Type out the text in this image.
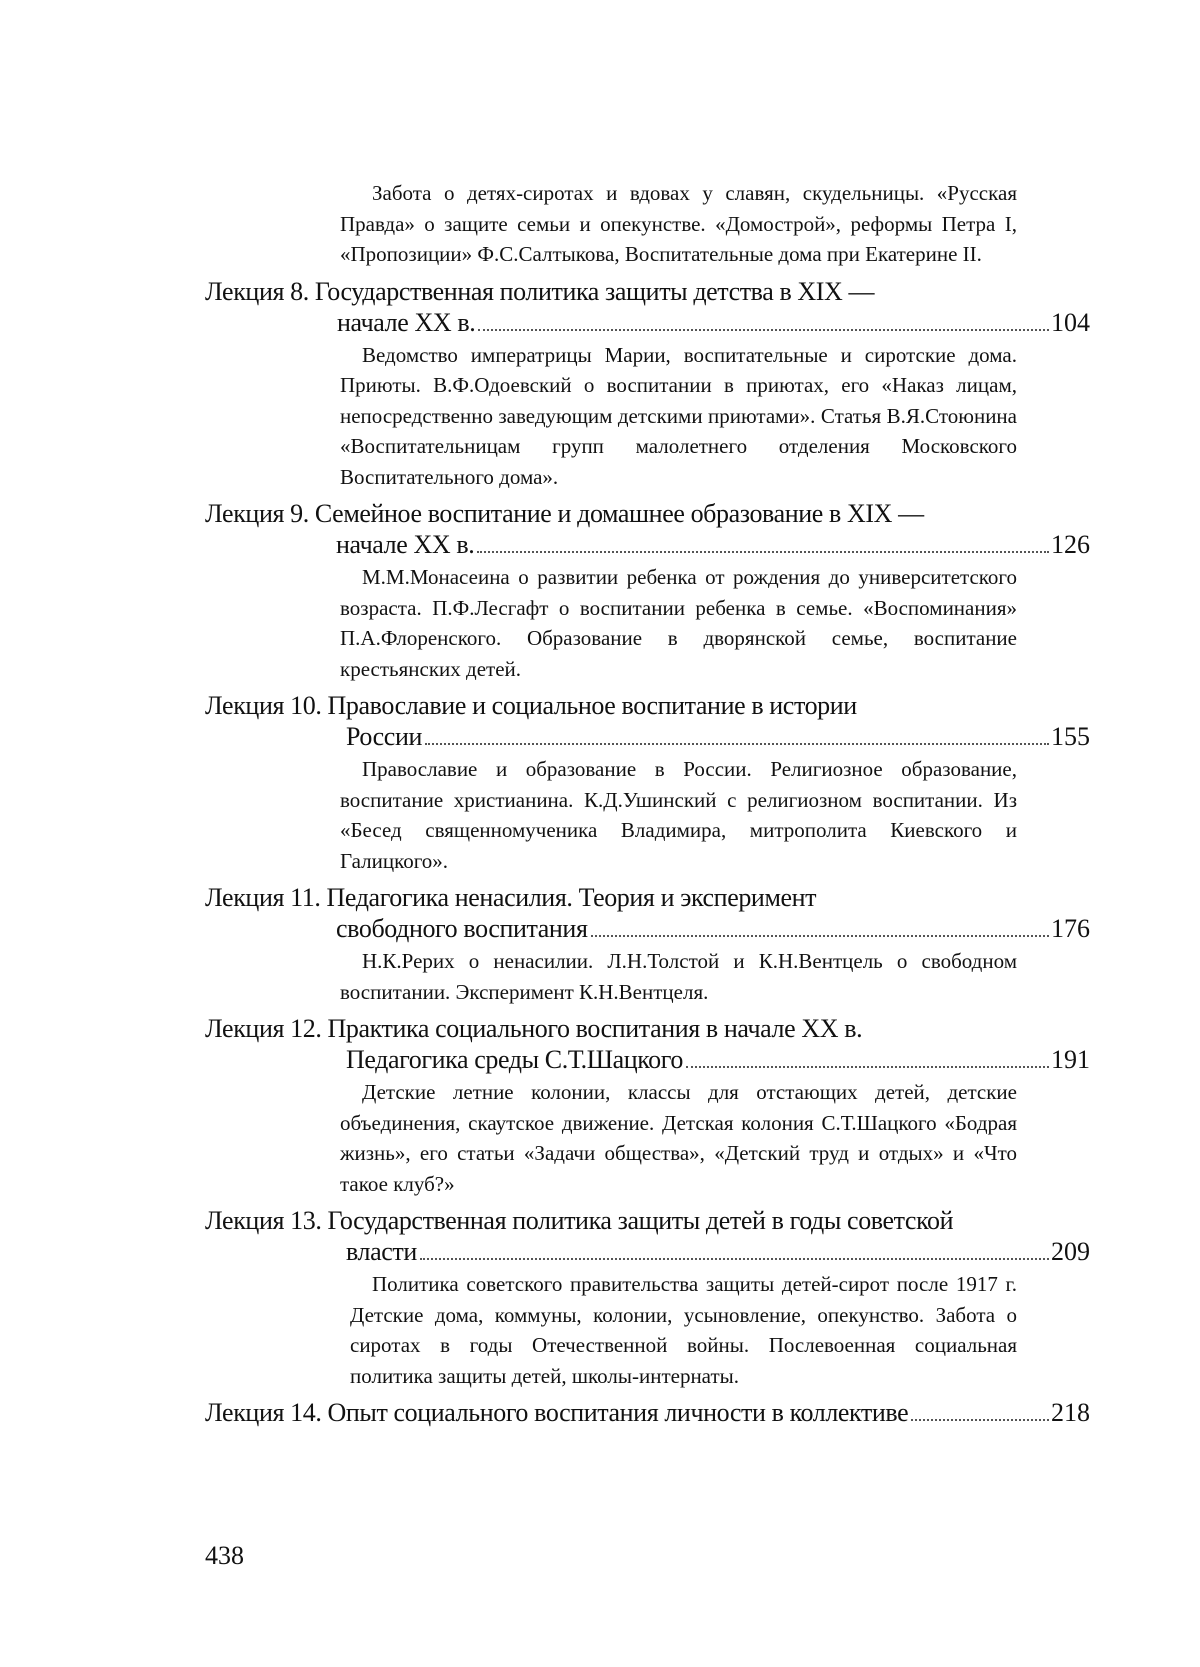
Забота о детях-сиротах и вдовах у славян, скудельницы. «Русская Правда» о защите семьи и опекунстве. «Домострой», реформы Петра I, «Пропозиции» Ф.С.Салтыкова, Воспитательные дома при Екатерине II.
Лекция 8. Государственная политика защиты детства в XIX —
начале XX в.	104
Ведомство императрицы Марии, воспитательные и сиротские дома. Приюты. В.Ф.Одоевский о воспитании в приютах, его «Наказ лицам, непосредственно заведующим детскими приютами». Статья В.Я.Стоюнина «Воспитательницам групп малолетнего отделения Московского Воспитательного дома».
Лекция 9. Семейное воспитание и домашнее образование в XIX —
начале XX в.	126
М.М.Монасеина о развитии ребенка от рождения до университетского возраста. П.Ф.Лесгафт о воспитании ребенка в семье. «Воспоминания» П.А.Флоренского. Образование в дворянской семье, воспитание крестьянских детей.
Лекция 10. Православие и социальное воспитание в истории
России	155
Православие и образование в России. Религиозное образование, воспитание христианина. К.Д.Ушинский с религиозном воспитании. Из «Бесед священномученика Владимира, митрополита Киевского и Галицкого».
Лекция 11. Педагогика ненасилия. Теория и эксперимент
свободного воспитания	176
Н.К.Рерих о ненасилии. Л.Н.Толстой и К.Н.Вентцель о свободном воспитании. Эксперимент К.Н.Вентцеля.
Лекция 12. Практика социального воспитания в начале XX в.
Педагогика среды С.Т.Шацкого	191
Детские летние колонии, классы для отстающих детей, детские объединения, скаутское движение. Детская колония С.Т.Шацкого «Бодрая жизнь», его статьи «Задачи общества», «Детский труд и отдых» и «Что такое клуб?»
Лекция 13. Государственная политика защиты детей в годы советской
власти	209
Политика советского правительства защиты детей-сирот после 1917 г. Детские дома, коммуны, колонии, усыновление, опекунство. Забота о сиротах в годы Отечественной войны. Послевоенная социальная политика защиты детей, школы-интернаты.
Лекция 14. Опыт социального воспитания личности в коллективе	218
438
